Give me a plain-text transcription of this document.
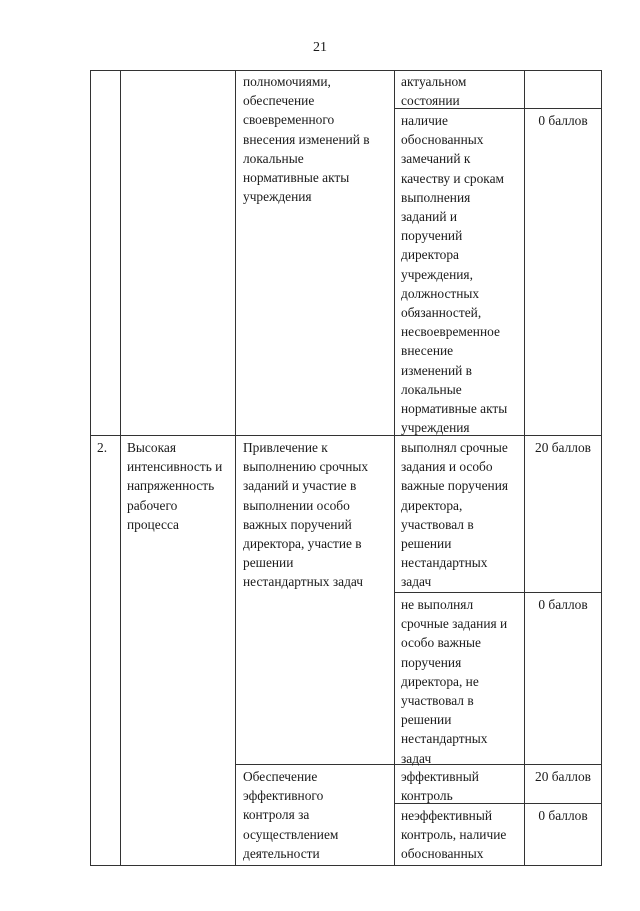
21
полномочиями,
обеспечение
своевременного
внесения изменений в
локальные
нормативные акты
учреждения
актуальном
состоянии
наличие
обоснованных
замечаний к
качеству и срокам
выполнения
заданий и
поручений
директора
учреждения,
должностных
обязанностей,
несвоевременное
внесение
изменений в
локальные
нормативные акты
учреждения
0 баллов
2. Высокая
интенсивность и
напряженность
рабочего
процесса
Привлечение к
выполнению срочных
заданий и участие в
выполнении особо
важных поручений
директора, участие в
решении
нестандартных задач
выполнял срочные
задания и особо
важные поручения
директора,
участвовал в
решении
нестандартных
задач
20 баллов
не выполнял
срочные задания и
особо важные
поручения
директора, не
участвовал в
решении
нестандартных
задач
0 баллов
Обеспечение
эффективного
контроля за
осуществлением
деятельности
эффективный
контроль
20 баллов
неэффективный
контроль, наличие
обоснованных
0 баллов
